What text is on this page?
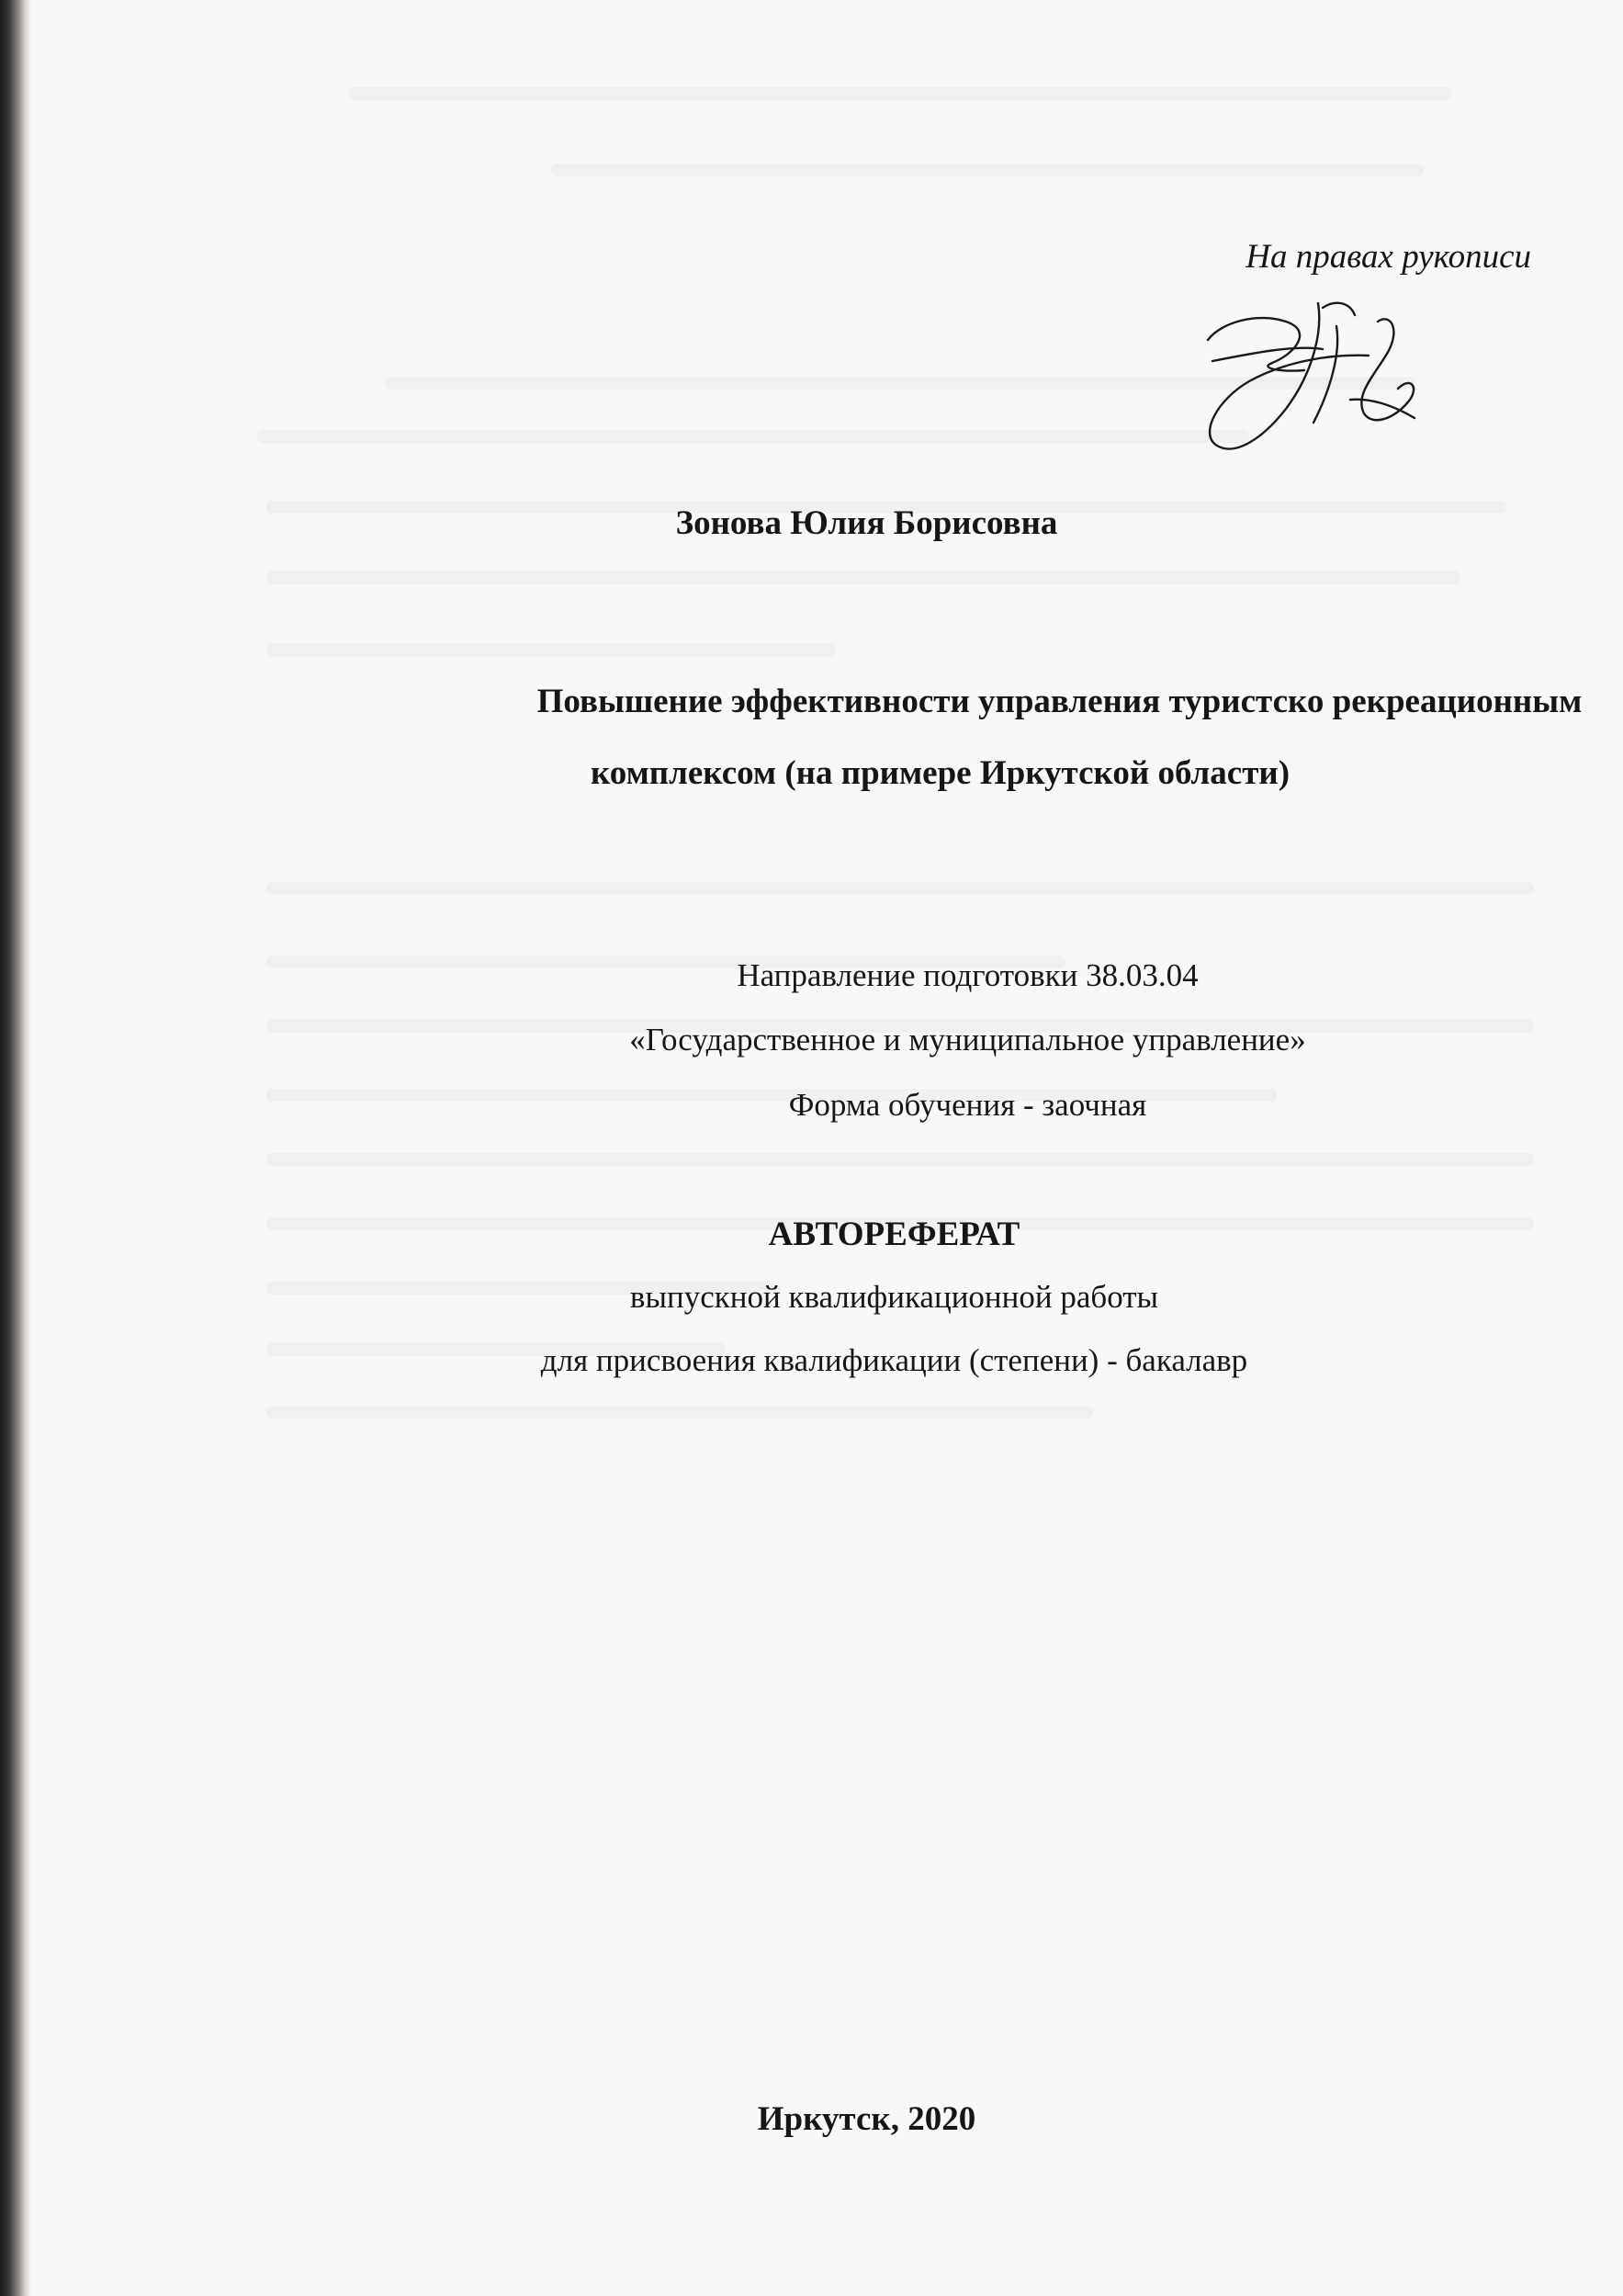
На правах рукописи
Зонова Юлия Борисовна
Повышение эффективности управления туристско рекреационным
комплексом (на примере Иркутской области)
Направление подготовки 38.03.04
«Государственное и муниципальное управление»
Форма обучения - заочная
АВТОРЕФЕРАТ
выпускной квалификационной работы
для присвоения квалификации (степени) - бакалавр
Иркутск, 2020
